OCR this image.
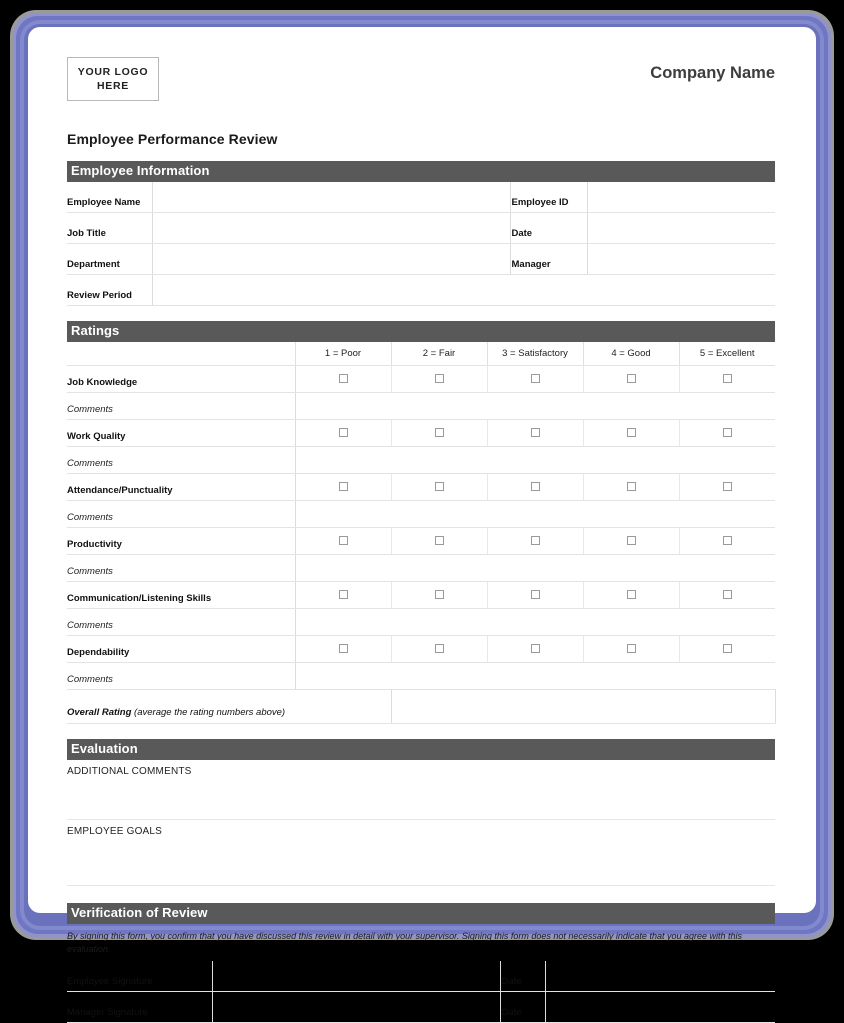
YOUR LOGO
HERE
Company Name
Employee Performance Review
Employee Information
Employee Name		Employee ID	
Job Title		Date	
Department		Manager	
Review Period			
Ratings
	1 = Poor	2 = Fair	3 = Satisfactory	4 = Good	5 = Excellent
Job Knowledge					
Comments					
Work Quality					
Comments					
Attendance/Punctuality					
Comments					
Productivity					
Comments					
Communication/Listening Skills					
Comments					
Dependability					
Comments					
Overall Rating (average the rating numbers above)					
Evaluation
ADDITIONAL COMMENTS
EMPLOYEE GOALS
Verification of Review
By signing this form, you confirm that you have discussed this review in detail with your supervisor. Signing this form does not necessarily indicate that you agree with this evaluation.
Employee Signature		Date	
Manager Signature		Date	
